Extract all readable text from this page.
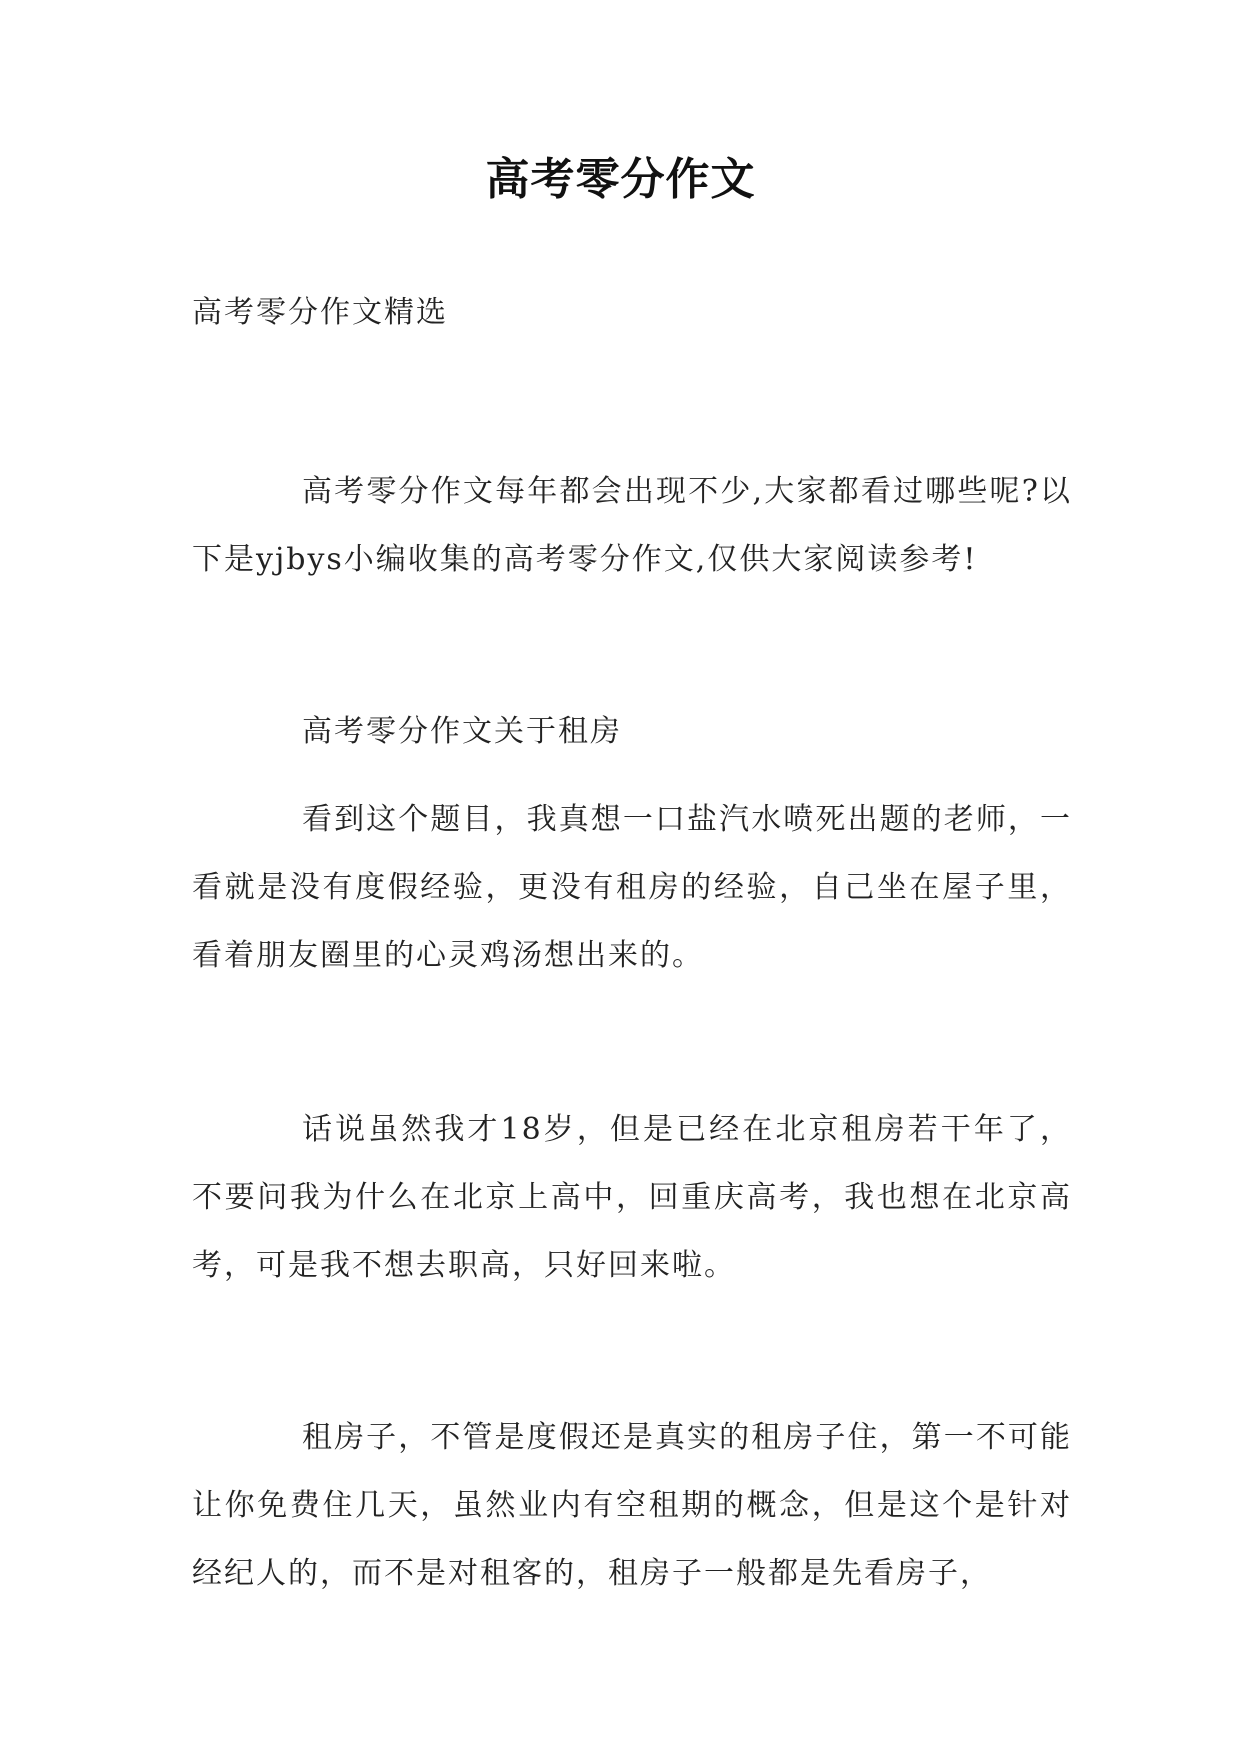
高考零分作文
高考零分作文精选
高考零分作文每年都会出现不少,大家都看过哪些呢?以下是yjbys小编收集的高考零分作文,仅供大家阅读参考!
高考零分作文关于租房
看到这个题目，我真想一口盐汽水喷死出题的老师，一看就是没有度假经验，更没有租房的经验，自己坐在屋子里，看着朋友圈里的心灵鸡汤想出来的。
话说虽然我才18岁，但是已经在北京租房若干年了，不要问我为什么在北京上高中，回重庆高考，我也想在北京高考，可是我不想去职高，只好回来啦。
租房子，不管是度假还是真实的租房子住，第一不可能让你免费住几天，虽然业内有空租期的概念，但是这个是针对经纪人的，而不是对租客的，租房子一般都是先看房子，
